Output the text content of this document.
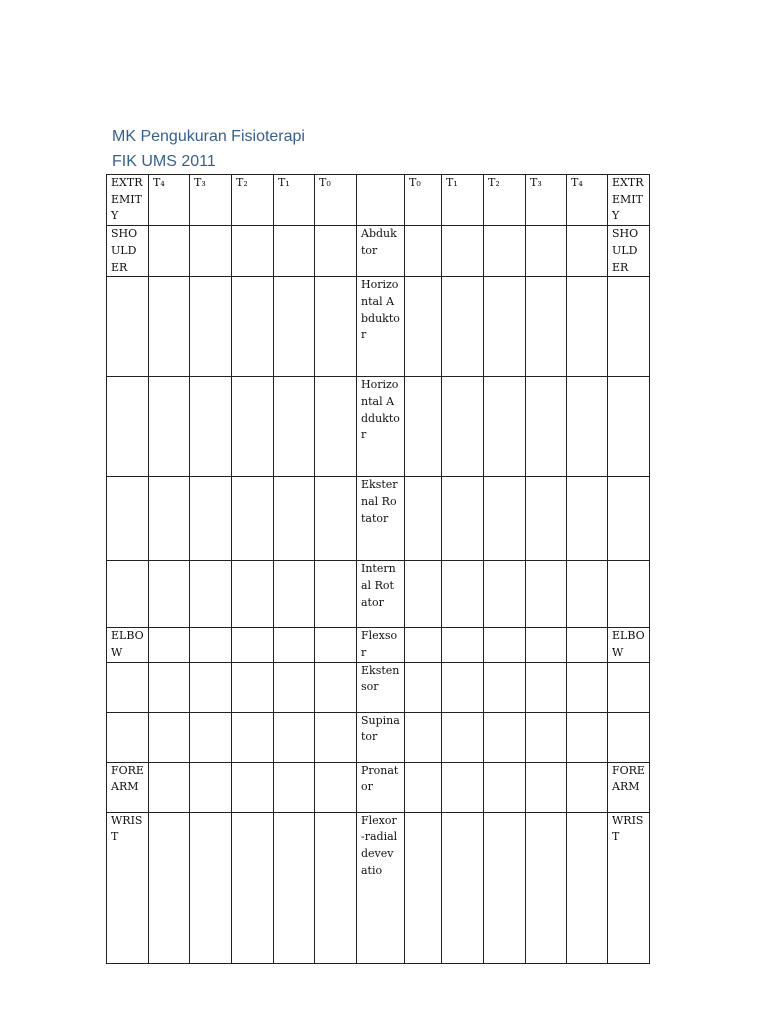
MK Pengukuran Fisioterapi

FIK UMS 2011

EXTREMITY	T₄	T₃	T₂	T₁	T₀		T₀	T₁	T₂	T₃	T₄	EXTREMITY
SHOULDER						Abduktor						SHOULDER
						Horizontal Abduktor						
						Horizontal Adduktor						
						Eksternal Rotator						
						Internal Rotator						
ELBOW						Flexsor						ELBOW
						Ekstensor						
						Supinator						
FOREARM						Pronator						FOREARM
WRIST						Flexor-radial devevatio						WRIST
